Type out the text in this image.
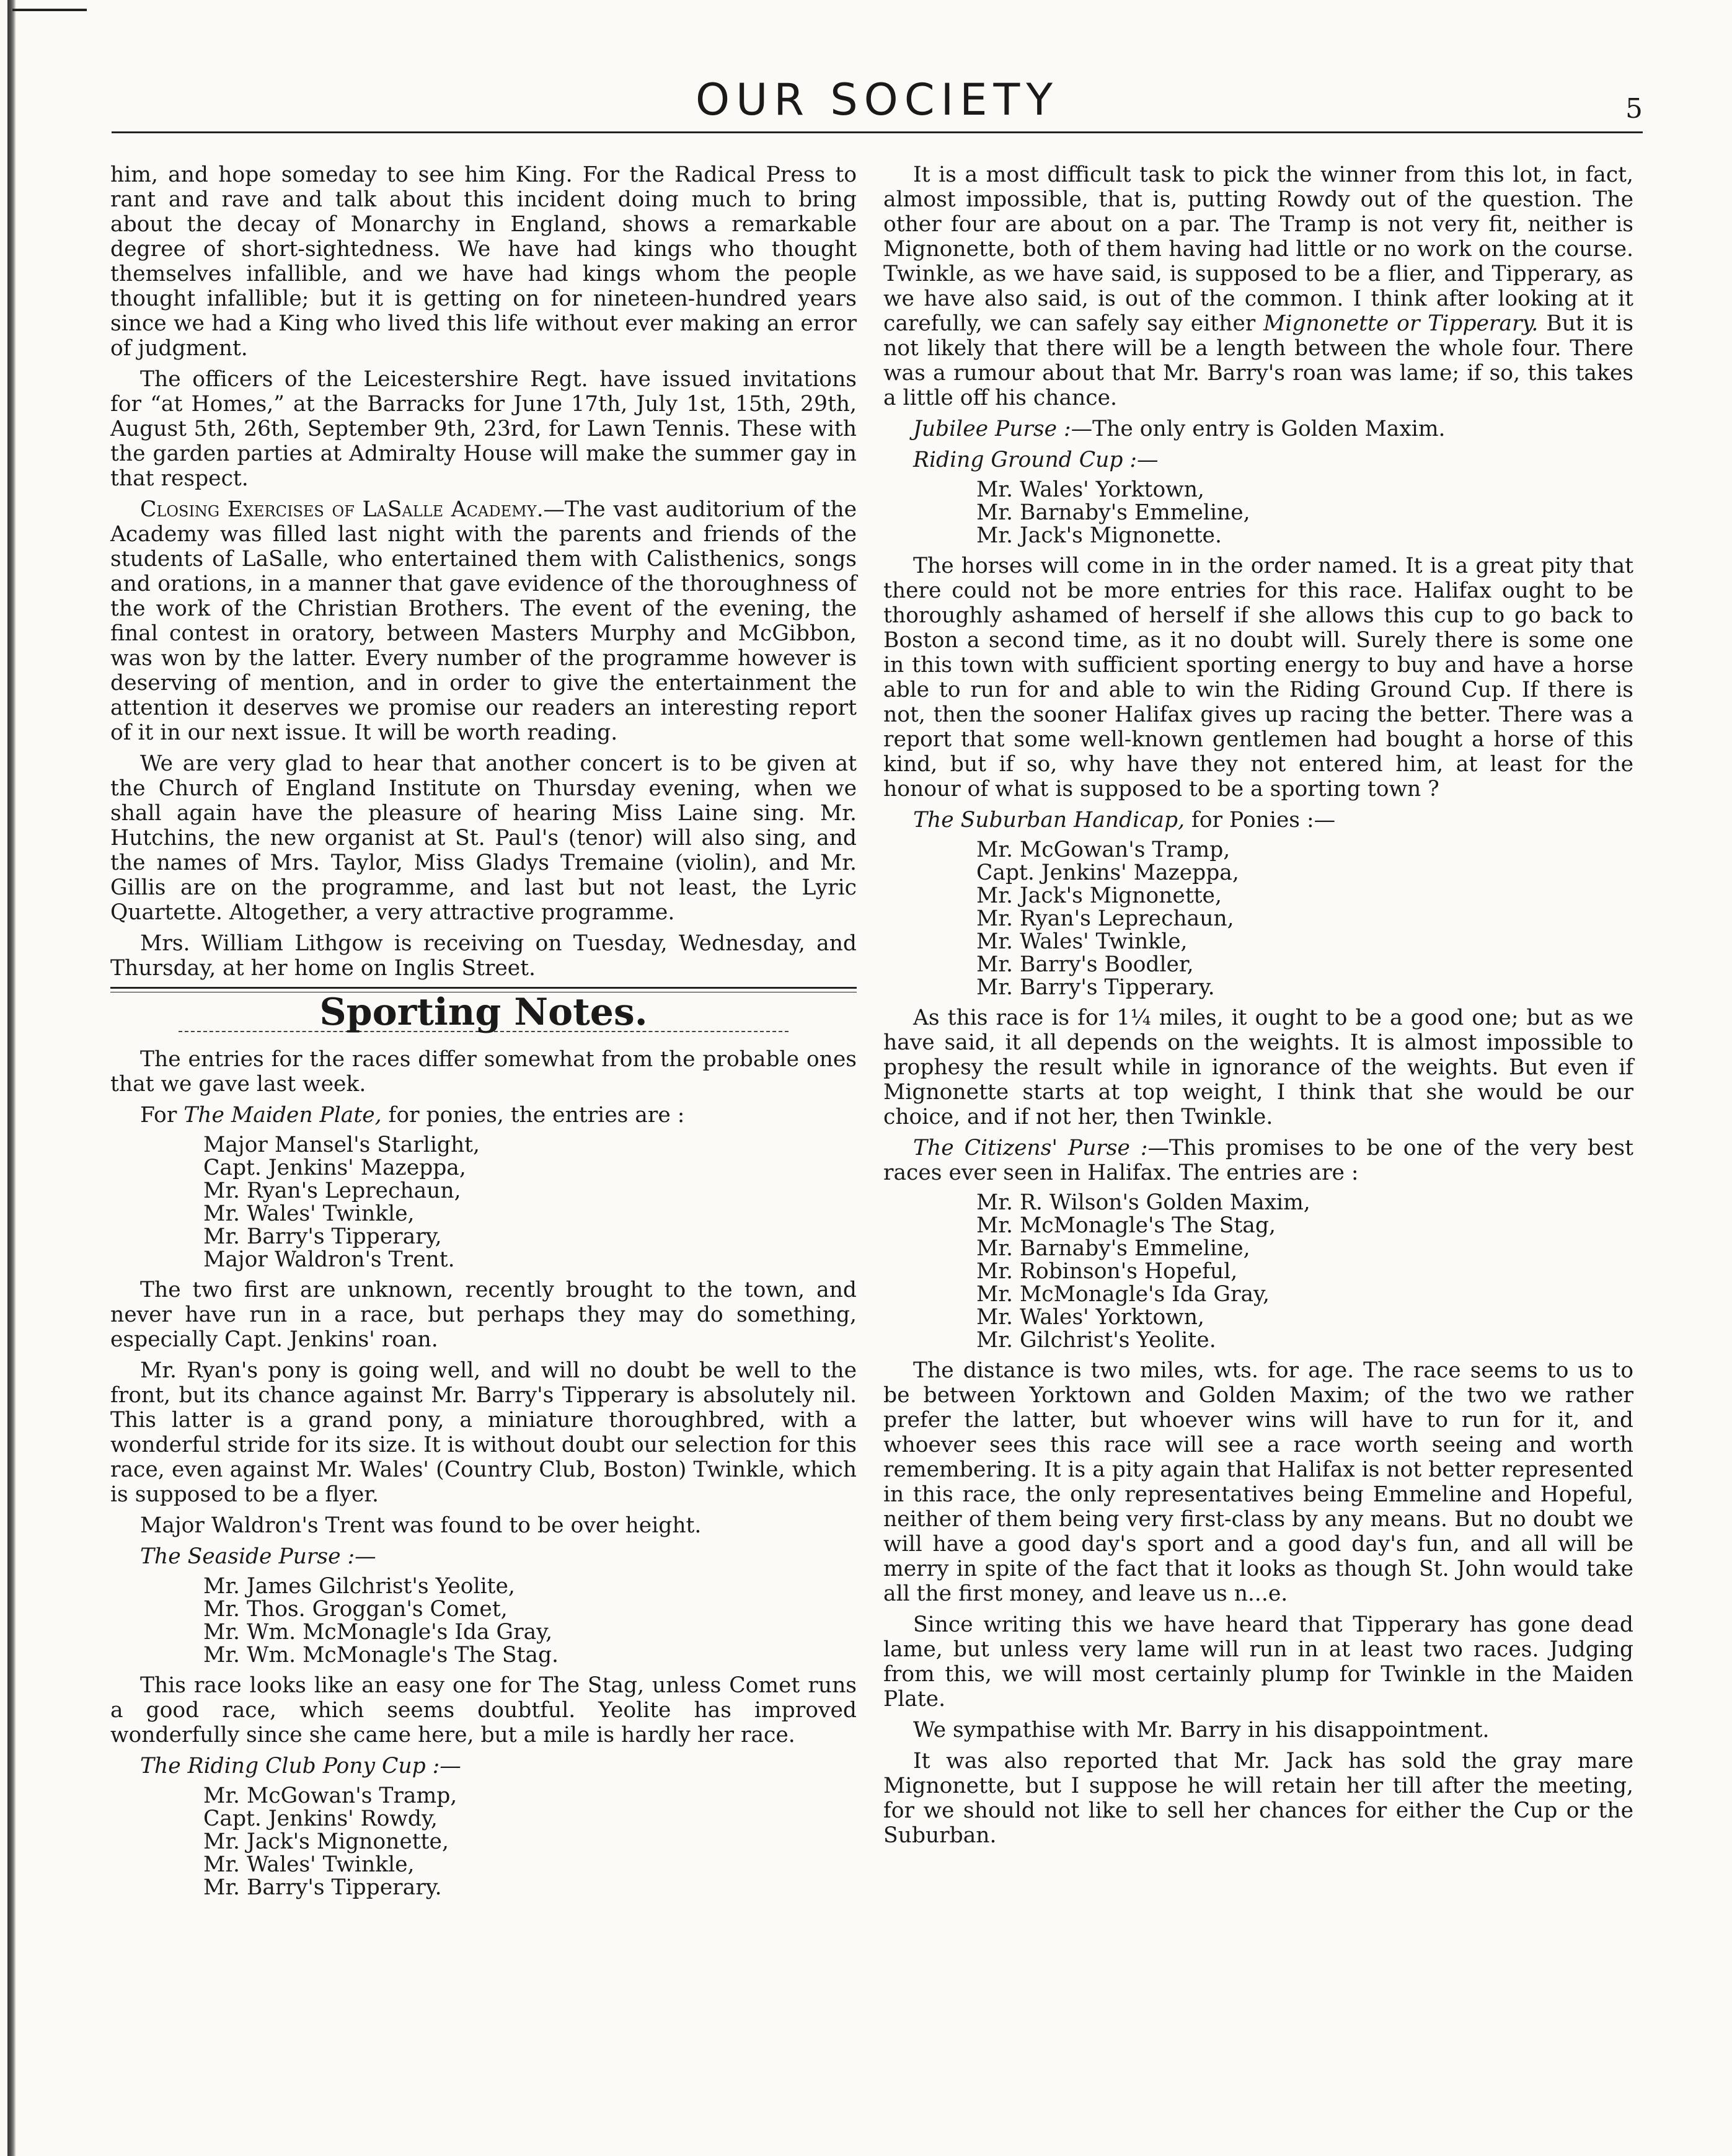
OUR SOCIETY	5

him, and hope someday to see him King. For the Radical Press to rant and rave and talk about this incident doing much to bring about the decay of Monarchy in England, shows a remarkable degree of short-sightedness. We have had kings who thought themselves infallible, and we have had kings whom the people thought infallible; but it is getting on for nineteen-hundred years since we had a King who lived this life without ever making an error of judgment.

The officers of the Leicestershire Regt. have issued invitations for “at Homes,” at the Barracks for June 17th, July 1st, 15th, 29th, August 5th, 26th, September 9th, 23rd, for Lawn Tennis. These with the garden parties at Admiralty House will make the summer gay in that respect.

Closing Exercises of LaSalle Academy.—The vast auditorium of the Academy was filled last night with the parents and friends of the students of LaSalle, who entertained them with Calisthenics, songs and orations, in a manner that gave evidence of the thoroughness of the work of the Christian Brothers. The event of the evening, the final contest in oratory, between Masters Murphy and McGibbon, was won by the latter. Every number of the programme however is deserving of mention, and in order to give the entertainment the attention it deserves we promise our readers an interesting report of it in our next issue. It will be worth reading.

We are very glad to hear that another concert is to be given at the Church of England Institute on Thursday evening, when we shall again have the pleasure of hearing Miss Laine sing. Mr. Hutchins, the new organist at St. Paul's (tenor) will also sing, and the names of Mrs. Taylor, Miss Gladys Tremaine (violin), and Mr. Gillis are on the programme, and last but not least, the Lyric Quartette. Altogether, a very attractive programme.

Mrs. William Lithgow is receiving on Tuesday, Wednesday, and Thursday, at her home on Inglis Street.

Sporting Notes.

The entries for the races differ somewhat from the probable ones that we gave last week.

For The Maiden Plate, for ponies, the entries are :

Major Mansel's Starlight,
Capt. Jenkins' Mazeppa,
Mr. Ryan's Leprechaun,
Mr. Wales' Twinkle,
Mr. Barry's Tipperary,
Major Waldron's Trent.

The two first are unknown, recently brought to the town, and never have run in a race, but perhaps they may do something, especially Capt. Jenkins' roan.

Mr. Ryan's pony is going well, and will no doubt be well to the front, but its chance against Mr. Barry's Tipperary is absolutely nil. This latter is a grand pony, a miniature thoroughbred, with a wonderful stride for its size. It is without doubt our selection for this race, even against Mr. Wales' (Country Club, Boston) Twinkle, which is supposed to be a flyer.

Major Waldron's Trent was found to be over height.

The Seaside Purse :—

Mr. James Gilchrist's Yeolite,
Mr. Thos. Groggan's Comet,
Mr. Wm. McMonagle's Ida Gray,
Mr. Wm. McMonagle's The Stag.

This race looks like an easy one for The Stag, unless Comet runs a good race, which seems doubtful. Yeolite has improved wonderfully since she came here, but a mile is hardly her race.

The Riding Club Pony Cup :—

Mr. McGowan's Tramp,
Capt. Jenkins' Rowdy,
Mr. Jack's Mignonette,
Mr. Wales' Twinkle,
Mr. Barry's Tipperary.

It is a most difficult task to pick the winner from this lot, in fact, almost impossible, that is, putting Rowdy out of the question. The other four are about on a par. The Tramp is not very fit, neither is Mignonette, both of them having had little or no work on the course. Twinkle, as we have said, is supposed to be a flier, and Tipperary, as we have also said, is out of the common. I think after looking at it carefully, we can safely say either Mignonette or Tipperary. But it is not likely that there will be a length between the whole four. There was a rumour about that Mr. Barry's roan was lame; if so, this takes a little off his chance.

Jubilee Purse :—The only entry is Golden Maxim.

Riding Ground Cup :—

Mr. Wales' Yorktown,
Mr. Barnaby's Emmeline,
Mr. Jack's Mignonette.

The horses will come in in the order named. It is a great pity that there could not be more entries for this race. Halifax ought to be thoroughly ashamed of herself if she allows this cup to go back to Boston a second time, as it no doubt will. Surely there is some one in this town with sufficient sporting energy to buy and have a horse able to run for and able to win the Riding Ground Cup. If there is not, then the sooner Halifax gives up racing the better. There was a report that some well-known gentlemen had bought a horse of this kind, but if so, why have they not entered him, at least for the honour of what is supposed to be a sporting town ?

The Suburban Handicap, for Ponies :—

Mr. McGowan's Tramp,
Capt. Jenkins' Mazeppa,
Mr. Jack's Mignonette,
Mr. Ryan's Leprechaun,
Mr. Wales' Twinkle,
Mr. Barry's Boodler,
Mr. Barry's Tipperary.

As this race is for 1¼ miles, it ought to be a good one; but as we have said, it all depends on the weights. It is almost impossible to prophesy the result while in ignorance of the weights. But even if Mignonette starts at top weight, I think that she would be our choice, and if not her, then Twinkle.

The Citizens' Purse :—This promises to be one of the very best races ever seen in Halifax. The entries are :

Mr. R. Wilson's Golden Maxim,
Mr. McMonagle's The Stag,
Mr. Barnaby's Emmeline,
Mr. Robinson's Hopeful,
Mr. McMonagle's Ida Gray,
Mr. Wales' Yorktown,
Mr. Gilchrist's Yeolite.

The distance is two miles, wts. for age. The race seems to us to be between Yorktown and Golden Maxim; of the two we rather prefer the latter, but whoever wins will have to run for it, and whoever sees this race will see a race worth seeing and worth remembering. It is a pity again that Halifax is not better represented in this race, the only representatives being Emmeline and Hopeful, neither of them being very first-class by any means. But no doubt we will have a good day's sport and a good day's fun, and all will be merry in spite of the fact that it looks as though St. John would take all the first money, and leave us n...e.

Since writing this we have heard that Tipperary has gone dead lame, but unless very lame will run in at least two races. Judging from this, we will most certainly plump for Twinkle in the Maiden Plate.

We sympathise with Mr. Barry in his disappointment.

It was also reported that Mr. Jack has sold the gray mare Mignonette, but I suppose he will retain her till after the meeting, for we should not like to sell her chances for either the Cup or the Suburban.
